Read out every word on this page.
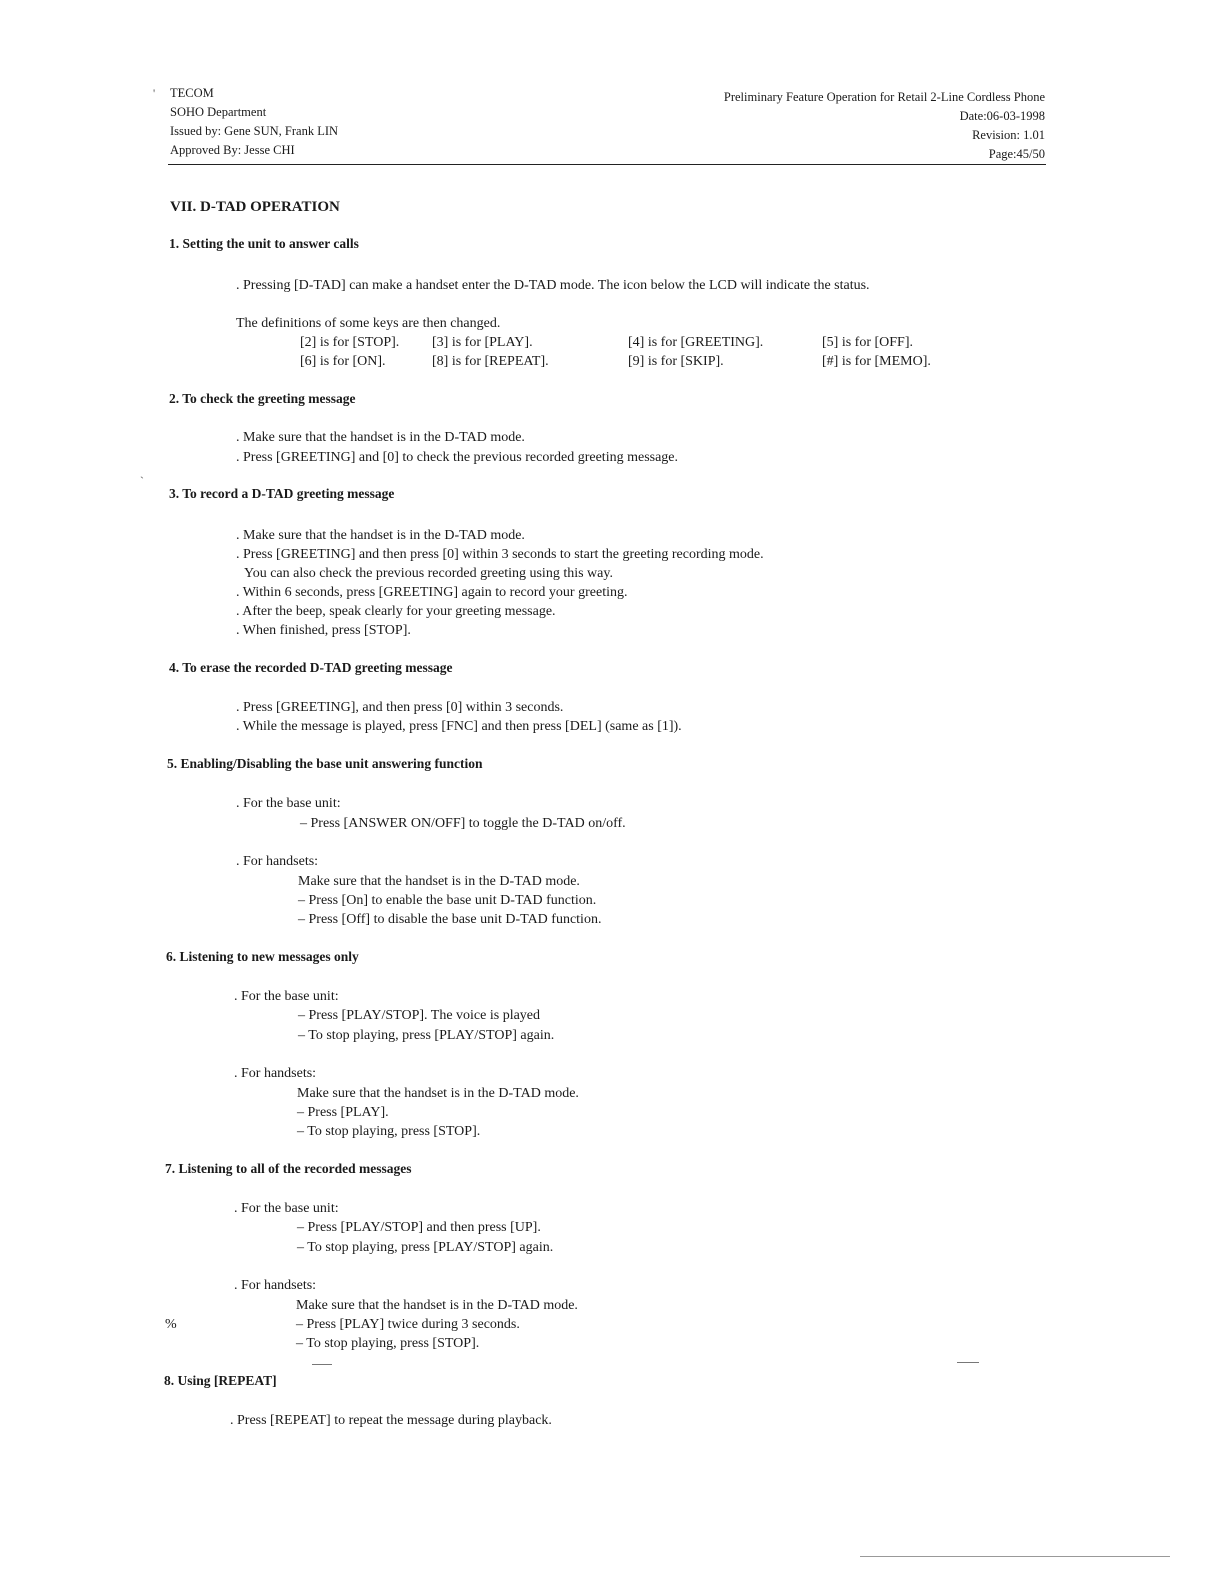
' TECOM
SOHO Department
Issued by: Gene SUN, Frank LIN
Approved By: Jesse CHI
Preliminary Feature Operation for Retail 2-Line Cordless Phone
Date:06-03-1998
Revision: 1.01
Page:45/50
VII. D-TAD OPERATION
1. Setting the unit to answer calls
. Pressing [D-TAD] can make a handset enter the D-TAD mode. The icon below the LCD will indicate the status.
The definitions of some keys are then changed.
[2] is for [STOP]. [3] is for [PLAY].	[4] is for [GREETING].	[5] is for [OFF].
[6] is for [ON].	[8] is for [REPEAT].	[9] is for [SKIP].	[#] is for [MEMO].
2. To check the greeting message
. Make sure that the handset is in the D-TAD mode.
. Press [GREETING] and [0] to check the previous recorded greeting message.
`
3. To record a D-TAD greeting message
. Make sure that the handset is in the D-TAD mode.
. Press [GREETING] and then press [0] within 3 seconds to start the greeting recording mode.
You can also check the previous recorded greeting using this way.
. Within 6 seconds, press [GREETING] again to record your greeting.
. After the beep, speak clearly for your greeting message.
. When finished, press [STOP].
4. To erase the recorded D-TAD greeting message
. Press [GREETING], and then press [0] within 3 seconds.
. While the message is played, press [FNC] and then press [DEL] (same as [1]).
5. Enabling/Disabling the base unit answering function
. For the base unit:
– Press [ANSWER ON/OFF] to toggle the D-TAD on/off.
. For handsets:
Make sure that the handset is in the D-TAD mode.
– Press [On] to enable the base unit D-TAD function.
– Press [Off] to disable the base unit D-TAD function.
6. Listening to new messages only
. For the base unit:
– Press [PLAY/STOP]. The voice is played
– To stop playing, press [PLAY/STOP] again.
. For handsets:
Make sure that the handset is in the D-TAD mode.
– Press [PLAY].
– To stop playing, press [STOP].
7. Listening to all of the recorded messages
. For the base unit:
– Press [PLAY/STOP] and then press [UP].
– To stop playing, press [PLAY/STOP] again.
. For handsets:
Make sure that the handset is in the D-TAD mode.
%	– Press [PLAY] twice during 3 seconds.
– To stop playing, press [STOP].
8. Using [REPEAT]
. Press [REPEAT] to repeat the message during playback.
